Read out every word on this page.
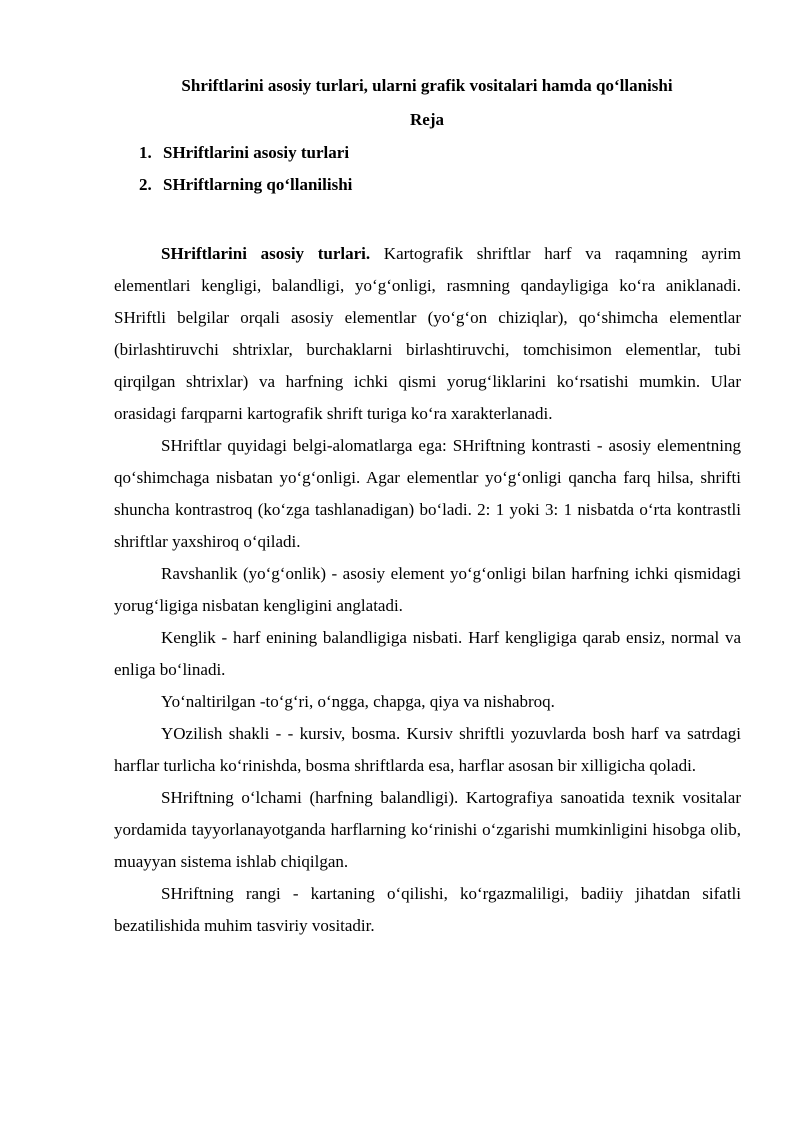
Shriftlarini asosiy turlari, ularni grafik vositalari hamda qo‘llanishi
Reja
1. SHriftlarini asosiy turlari
2. SHriftlarning qo‘llanilishi

SHriftlarini asosiy turlari. Kartografik shriftlar harf va raqamning ayrim elementlari kengligi, balandligi, yo‘g‘onligi, rasmning qandayligiga ko‘ra aniklanadi. SHriftli belgilar orqali asosiy elementlar (yo‘g‘on chiziqlar), qo‘shimcha elementlar (birlashtiruvchi shtrixlar, burchaklarni birlashtiruvchi, tomchisimon elementlar, tubi qirqilgan shtrixlar) va harfning ichki qismi yorug‘liklarini ko‘rsatishi mumkin. Ular orasidagi farqparni kartografik shrift turiga ko‘ra xarakterlanadi.

SHriftlar quyidagi belgi-alomatlarga ega: SHriftning kontrasti - asosiy elementning qo‘shimchaga nisbatan yo‘g‘onligi. Agar elementlar yo‘g‘onligi qancha farq hilsa, shrifti shuncha kontrastroq (ko‘zga tashlanadigan) bo‘ladi. 2: 1 yoki 3: 1 nisbatda o‘rta kontrastli shriftlar yaxshiroq o‘qiladi.

Ravshanlik (yo‘g‘onlik) - asosiy element yo‘g‘onligi bilan harfning ichki qismidagi yorug‘ligiga nisbatan kengligini anglatadi.

Kenglik - harf enining balandligiga nisbati. Harf kengligiga qarab ensiz, normal va enliga bo‘linadi.

Yo‘naltirilgan -to‘g‘ri, o‘ngga, chapga, qiya va nishabroq.

YOzilish shakli - - kursiv, bosma. Kursiv shriftli yozuvlarda bosh harf va satrdagi harflar turlicha ko‘rinishda, bosma shriftlarda esa, harflar asosan bir xilligicha qoladi.

SHriftning o‘lchami (harfning balandligi). Kartografiya sanoatida texnik vositalar yordamida tayyorlanayotganda harflarning ko‘rinishi o‘zgarishi mumkinligini hisobga olib, muayyan sistema ishlab chiqilgan.

SHriftning rangi - kartaning o‘qilishi, ko‘rgazmaliligi, badiiy jihatdan sifatli bezatilishida muhim tasviriy vositadir.
